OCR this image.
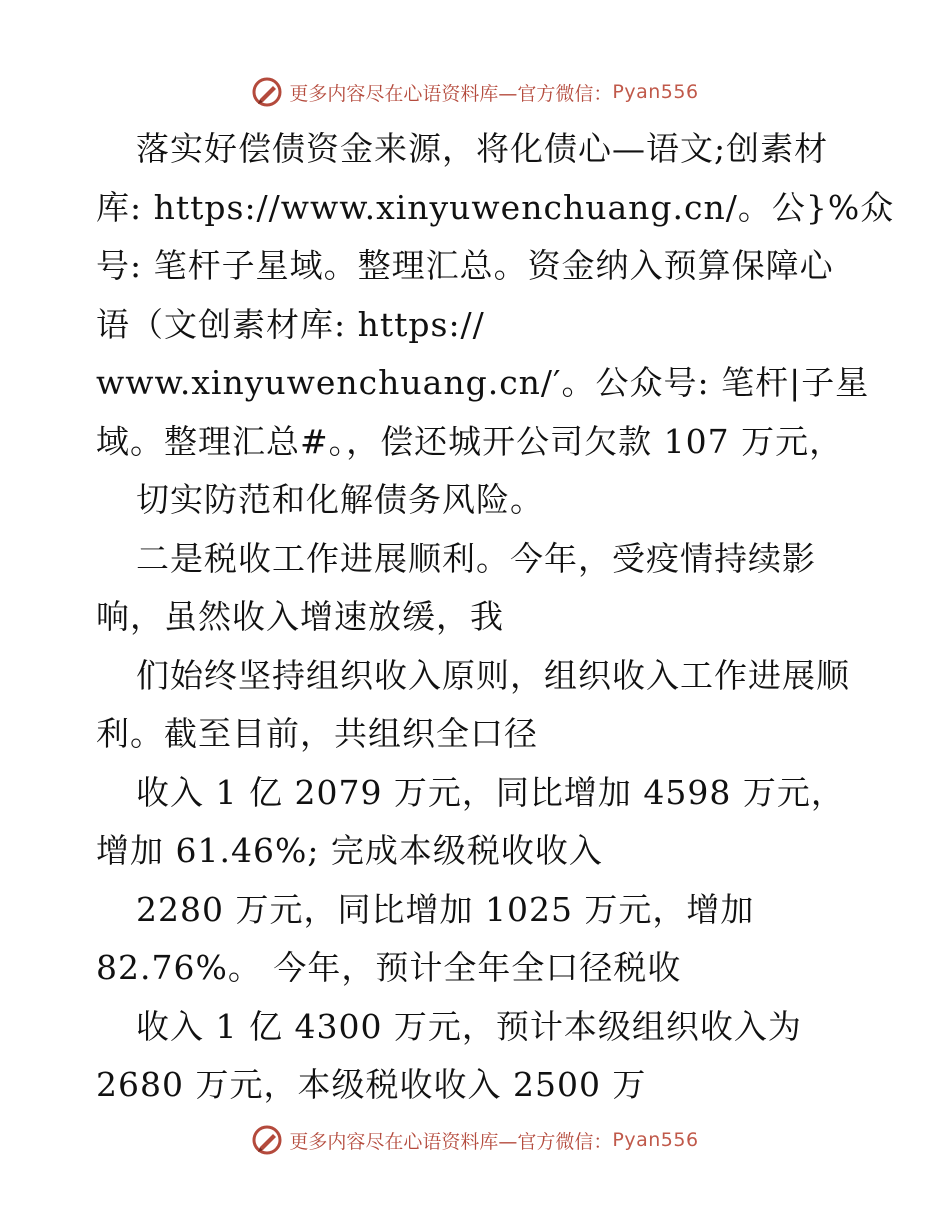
更多内容尽在心语资料库—官方微信： Pyan556
落实好偿债资金来源，将化债心—语文;创素材
库: https://www.xinyuwenchuang.cn/。公}%众
号: 笔杆子星域。整理汇总。资金纳入预算保障心
语（文创素材库: https://
www.xinyuwenchuang.cn/′。公众号: 笔杆|子星
域。整理汇总#。，偿还城开公司欠款 107 万元，
切实防范和化解债务风险。
二是税收工作进展顺利。今年，受疫情持续影
响，虽然收入增速放缓，我
们始终坚持组织收入原则，组织收入工作进展顺
利。截至目前，共组织全口径
收入 1 亿 2079 万元，同比增加 4598 万元，
增加 61.46%; 完成本级税收收入
2280 万元，同比增加 1025 万元，增加
82.76%。 今年，预计全年全口径税收
收入 1 亿 4300 万元，预计本级组织收入为
2680 万元，本级税收收入 2500 万
更多内容尽在心语资料库—官方微信： Pyan556
